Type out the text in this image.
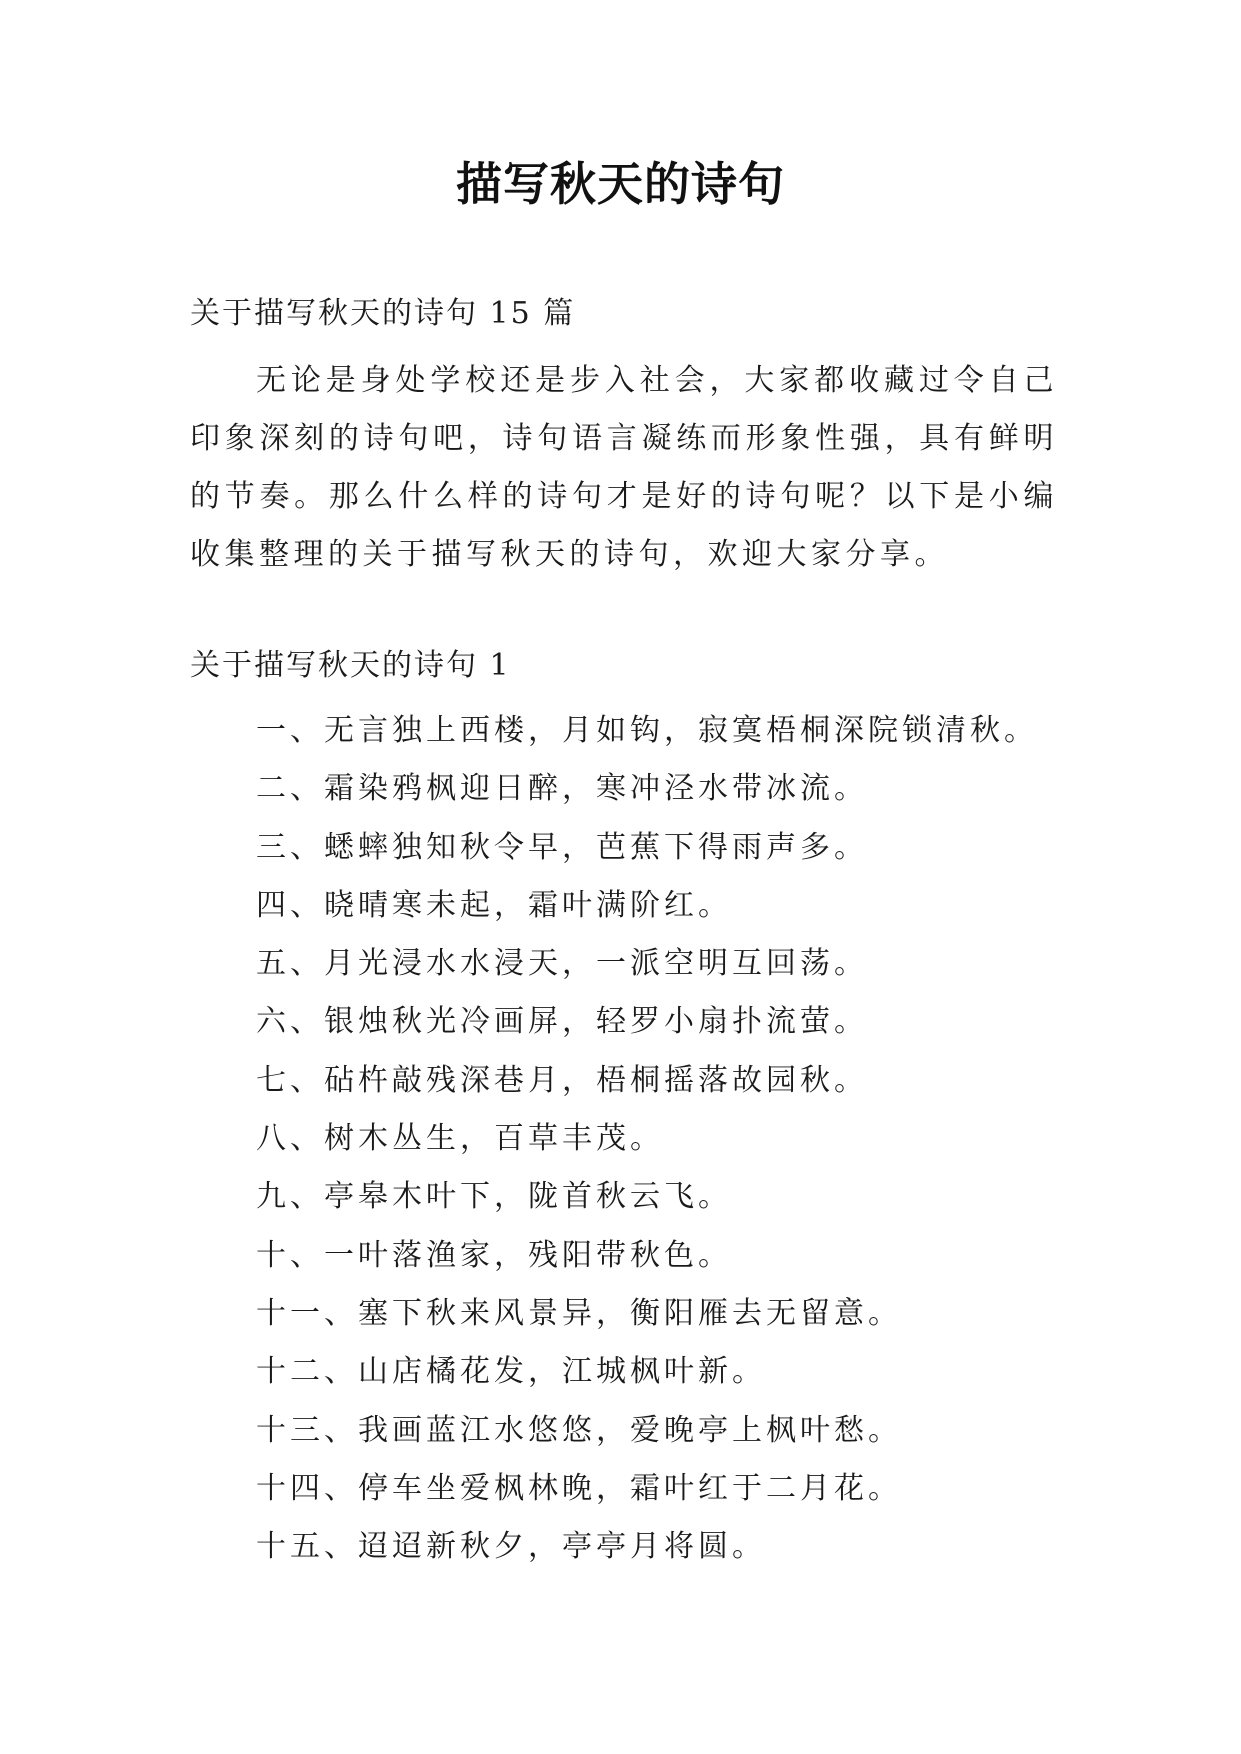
描写秋天的诗句
关于描写秋天的诗句 15 篇

无论是身处学校还是步入社会，大家都收藏过令自己印象深刻的诗句吧，诗句语言凝练而形象性强，具有鲜明的节奏。那么什么样的诗句才是好的诗句呢？以下是小编收集整理的关于描写秋天的诗句，欢迎大家分享。

关于描写秋天的诗句 1
一、无言独上西楼，月如钩，寂寞梧桐深院锁清秋。
二、霜染鸦枫迎日醉，寒冲泾水带冰流。
三、蟋蟀独知秋令早，芭蕉下得雨声多。
四、晓晴寒未起，霜叶满阶红。
五、月光浸水水浸天，一派空明互回荡。
六、银烛秋光冷画屏，轻罗小扇扑流萤。
七、砧杵敲残深巷月，梧桐摇落故园秋。
八、树木丛生，百草丰茂。
九、亭皋木叶下，陇首秋云飞。
十、一叶落渔家，残阳带秋色。
十一、塞下秋来风景异，衡阳雁去无留意。
十二、山店橘花发，江城枫叶新。
十三、我画蓝江水悠悠，爱晚亭上枫叶愁。
十四、停车坐爱枫林晚，霜叶红于二月花。
十五、迢迢新秋夕，亭亭月将圆。
